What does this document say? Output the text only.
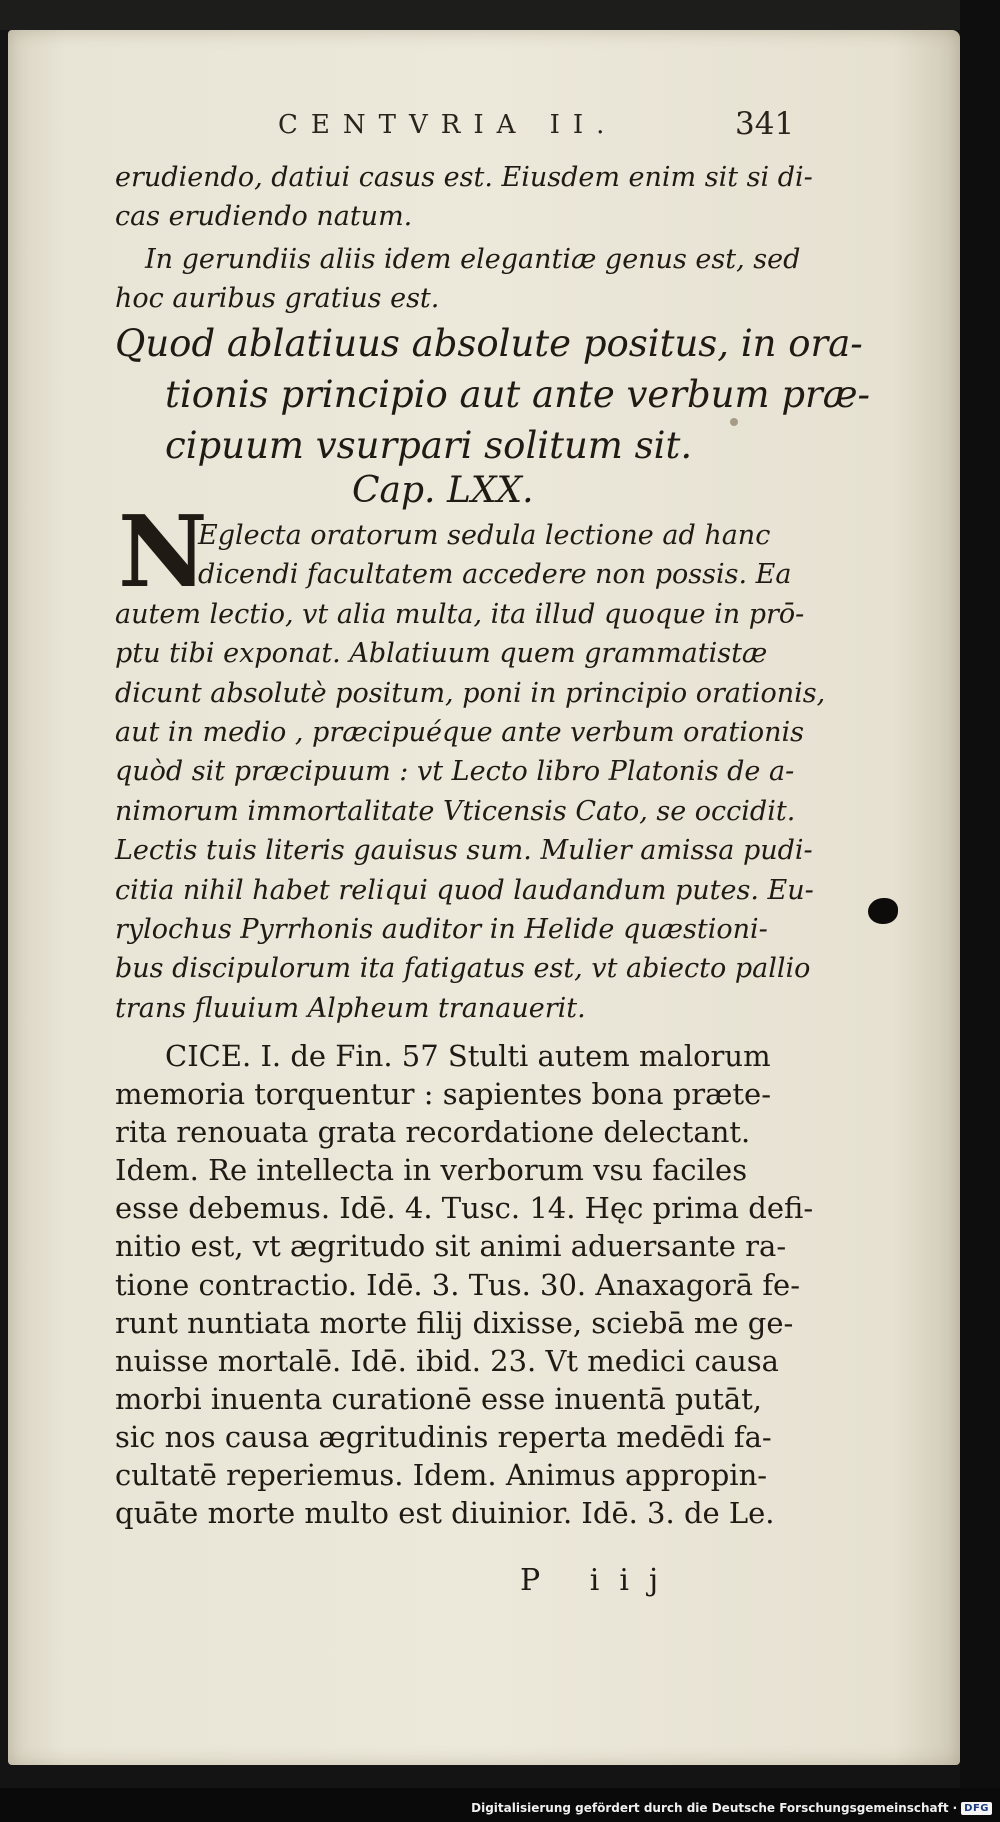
CENTVRIA II.	341
erudiendo, datiui casus est. Eiusdem enim sit si di-
cas erudiendo natum.
In gerundiis aliis idem elegantiæ genus est, sed
hoc auribus gratius est.
Quod ablatiuus absolute positus, in ora-
tionis principio aut ante verbum præ-
cipuum vsurpari solitum sit.
Cap. LXX.
N
Eglecta oratorum sedula lectione ad hanc
dicendi facultatem accedere non possis. Ea
autem lectio, vt alia multa, ita illud quoque in prō-
ptu tibi exponat. Ablatiuum quem grammatistæ
dicunt absolutè positum, poni in principio orationis,
aut in medio , præcipuéque ante verbum orationis
quòd sit præcipuum : vt Lecto libro Platonis de a-
nimorum immortalitate Vticensis Cato, se occidit.
Lectis tuis literis gauisus sum. Mulier amissa pudi-
citia nihil habet reliqui quod laudandum putes. Eu-
rylochus Pyrrhonis auditor in Helide quæstioni-
bus discipulorum ita fatigatus est, vt abiecto pallio
trans fluuium Alpheum tranauerit.
CICE. I. de Fin. 57 Stulti autem malorum
memoria torquentur : sapientes bona præte-
rita renouata grata recordatione delectant.
Idem. Re intellecta in verborum vsu faciles
esse debemus. Idē. 4. Tusc. 14. Hęc prima defi-
nitio est, vt ægritudo sit animi aduersante ra-
tione contractio. Idē. 3. Tus. 30. Anaxagorā fe-
runt nuntiata morte filij dixisse, sciebā me ge-
nuisse mortalē. Idē. ibid. 23. Vt medici causa
morbi inuenta curationē esse inuentā putāt,
sic nos causa ægritudinis reperta medēdi fa-
cultatē reperiemus. Idem. Animus appropin-
quāte morte multo est diuinior. Idē. 3. de Le.
P iij
Digitalisierung gefördert durch die Deutsche Forschungsgemeinschaft · DFG
